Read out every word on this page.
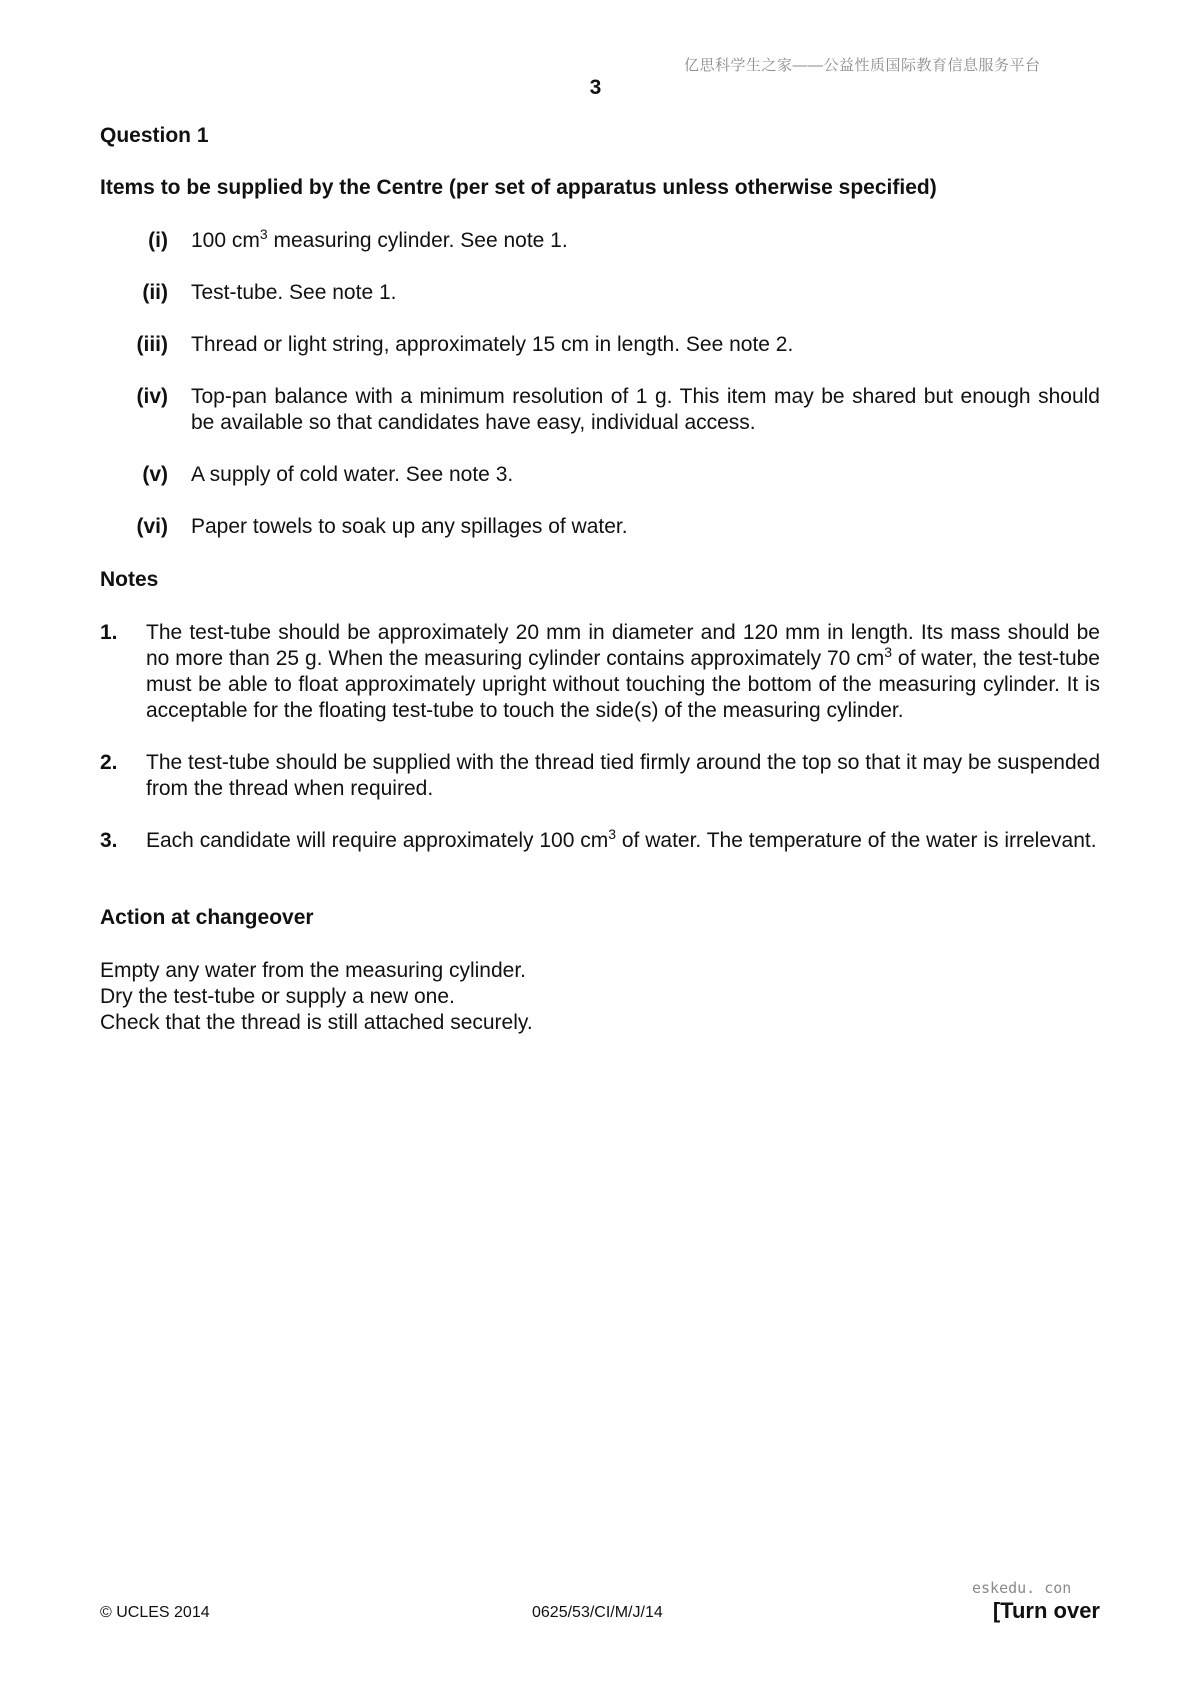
亿思科学生之家——公益性质国际教育信息服务平台
3
Question 1
Items to be supplied by the Centre (per set of apparatus unless otherwise specified)
(i) 100 $cm^3$ measuring cylinder. See note 1.
(ii) Test-tube. See note 1.
(iii) Thread or light string, approximately 15 cm in length. See note 2.
(iv) Top-pan balance with a minimum resolution of 1 g. This item may be shared but enough should be available so that candidates have easy, individual access.
(v) A supply of cold water. See note 3.
(vi) Paper towels to soak up any spillages of water.
Notes
1. The test-tube should be approximately 20 mm in diameter and 120 mm in length. Its mass should be no more than 25 g. When the measuring cylinder contains approximately 70 $cm^3$ of water, the test-tube must be able to float approximately upright without touching the bottom of the measuring cylinder. It is acceptable for the floating test-tube to touch the side(s) of the measuring cylinder.
2. The test-tube should be supplied with the thread tied firmly around the top so that it may be suspended from the thread when required.
3. Each candidate will require approximately 100 $cm^3$ of water. The temperature of the water is irrelevant.
Action at changeover
Empty any water from the measuring cylinder.
Dry the test-tube or supply a new one.
Check that the thread is still attached securely.
eskedu. con
© UCLES 2014	0625/53/CI/M/J/14	[Turn over
